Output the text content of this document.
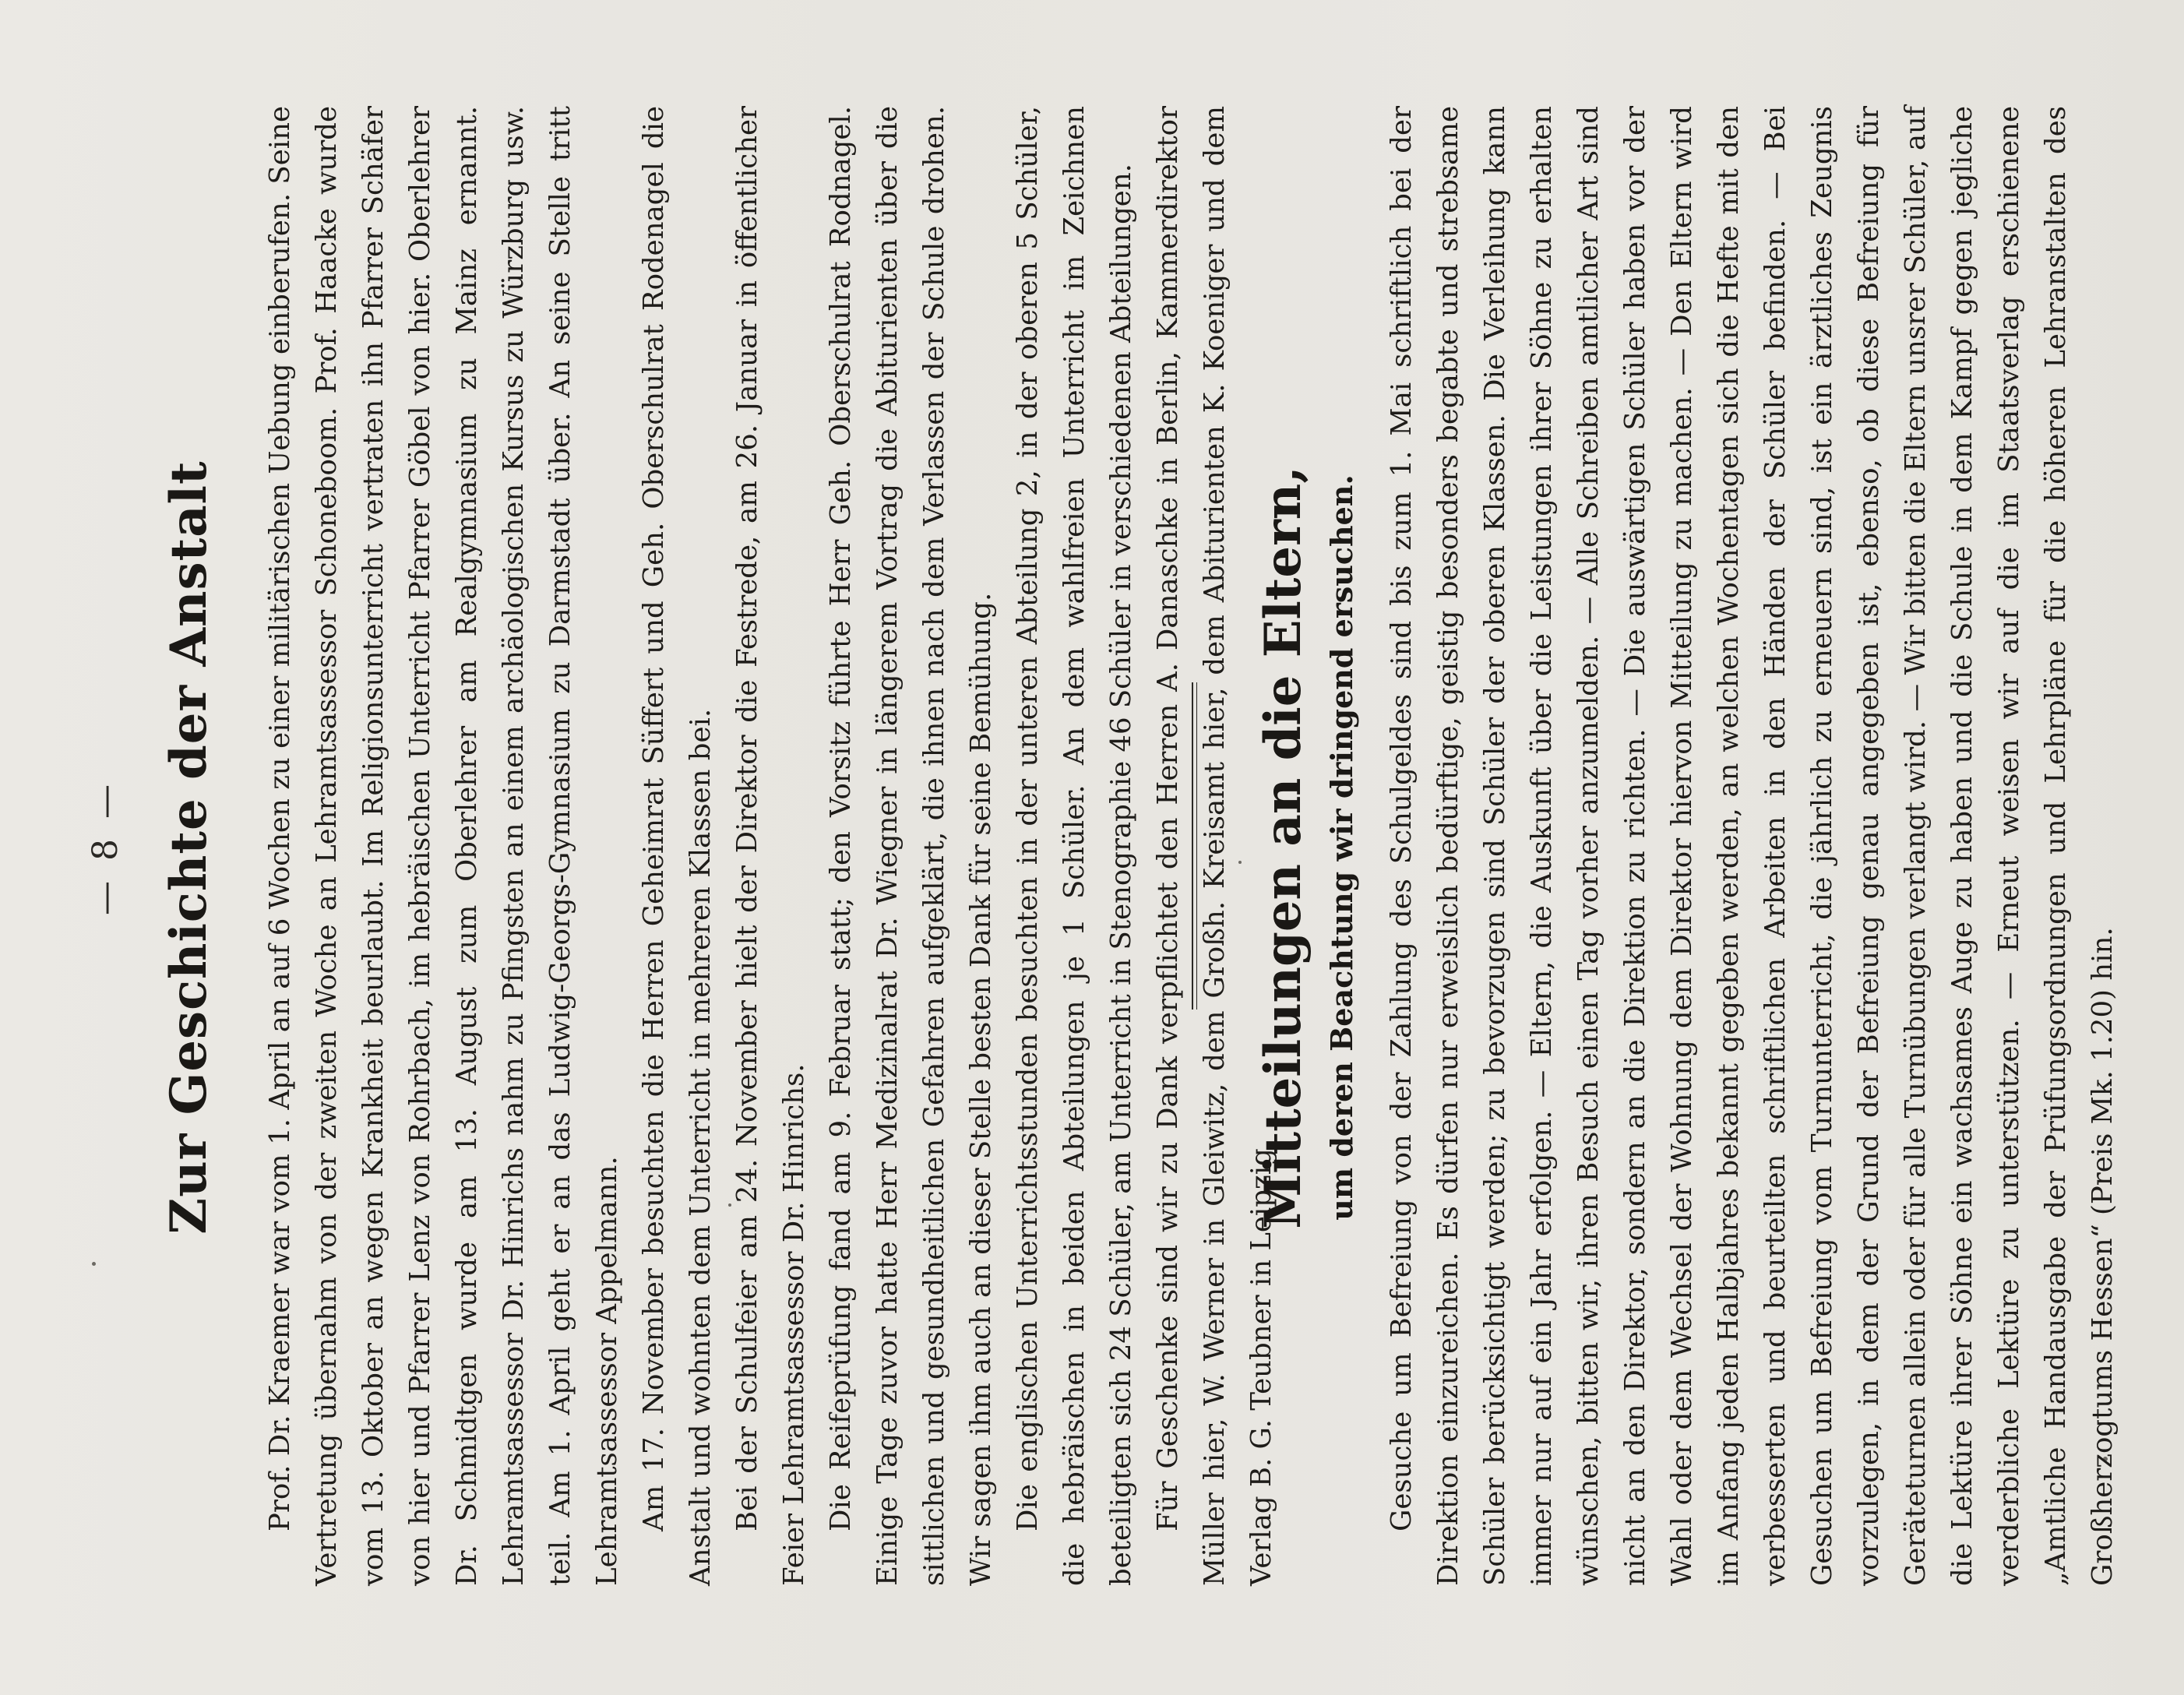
— 8 — Zur Geschichte der Anstalt Prof. Dr. Kraemer war vom 1. April an auf 6 Wochen zu einer militärischen Uebung einberufen. Seine Vertretung übernahm von der zweiten Woche an Lehramtsassessor Schoneboom. Prof. Haacke wurde vom 13. Oktober an wegen Krankheit beurlaubt. Im Religionsunterricht vertraten ihn Pfarrer Schäfer von hier und Pfarrer Lenz von Rohrbach, im hebräischen Unterricht Pfarrer Göbel von hier. Oberlehrer Dr. Schmidtgen wurde am 13. August zum Oberlehrer am Realgymnasium zu Mainz ernannt. Lehramtsassessor Dr. Hinrichs nahm zu Pfingsten an einem archäologischen Kursus zu Würzburg usw. teil. Am 1. April geht er an das Ludwig-Georgs-Gymnasium zu Darmstadt über. An seine Stelle tritt Lehramtsassessor Appelmann. Am 17. November besuchten die Herren Geheimrat Süffert und Geh. Oberschulrat Rodenagel die Anstalt und wohnten dem Unterricht in mehreren Klassen bei. Bei der Schulfeier am 24. November hielt der Direktor die Festrede, am 26. Januar in öffentlicher Feier Lehramtsassessor Dr. Hinrichs. Die Reifeprüfung fand am 9. Februar statt; den Vorsitz führte Herr Geh. Oberschulrat Rodnagel. Einige Tage zuvor hatte Herr Medizinalrat Dr. Wiegner in längerem Vortrag die Abiturienten über die sittlichen und gesundheitlichen Gefahren aufgeklärt, die ihnen nach dem Verlassen der Schule drohen. Wir sagen ihm auch an dieser Stelle besten Dank für seine Bemühung. Die englischen Unterrichtsstunden besuchten in der unteren Abteilung 2, in der oberen 5 Schüler, die hebräischen in beiden Abteilungen je 1 Schüler. An dem wahlfreien Unterricht im Zeichnen beteiligten sich 24 Schüler, am Unterricht in Stenographie 46 Schüler in verschiedenen Abteilungen. Für Geschenke sind wir zu Dank verpflichtet den Herren A. Danaschke in Berlin, Kammerdirektor Müller hier, W. Werner in Gleiwitz, dem Großh. Kreisamt hier, dem Abiturienten K. Koeniger und dem Verlag B. G. Teubner in Leipzig.

Mitteilungen an die Eltern, um deren Beachtung wir dringend ersuchen. Gesuche um Befreiung von der Zahlung des Schulgeldes sind bis zum 1. Mai schriftlich bei der Direktion einzureichen. Es dürfen nur erweislich bedürftige, geistig besonders begabte und strebsame Schüler berücksichtigt werden; zu bevorzugen sind Schüler der oberen Klassen. Die Verleihung kann immer nur auf ein Jahr erfolgen. — Eltern, die Auskunft über die Leistungen ihrer Söhne zu erhalten wünschen, bitten wir, ihren Besuch einen Tag vorher anzumelden. — Alle Schreiben amtlicher Art sind nicht an den Direktor, sondern an die Direktion zu richten. — Die auswärtigen Schüler haben vor der Wahl oder dem Wechsel der Wohnung dem Direktor hiervon Mitteilung zu machen. — Den Eltern wird im Anfang jeden Halbjahres bekannt gegeben werden, an welchen Wochentagen sich die Hefte mit den verbesserten und beurteilten schriftlichen Arbeiten in den Händen der Schüler befinden. — Bei Gesuchen um Befreiung vom Turnunterricht, die jährlich zu erneuern sind, ist ein ärztliches Zeugnis vorzulegen, in dem der Grund der Befreiung genau angegeben ist, ebenso, ob diese Befreiung für Geräteturnen allein oder für alle Turnübungen verlangt wird. — Wir bitten die Eltern unsrer Schüler, auf die Lektüre ihrer Söhne ein wachsames Auge zu haben und die Schule in dem Kampf gegen jegliche verderbliche Lektüre zu unterstützen. — Erneut weisen wir auf die im Staatsverlag erschienene „Amtliche Handausgabe der Prüfungsordnungen und Lehrpläne für die höheren Lehranstalten des Großherzogtums Hessen“ (Preis Mk. 1.20) hin.
